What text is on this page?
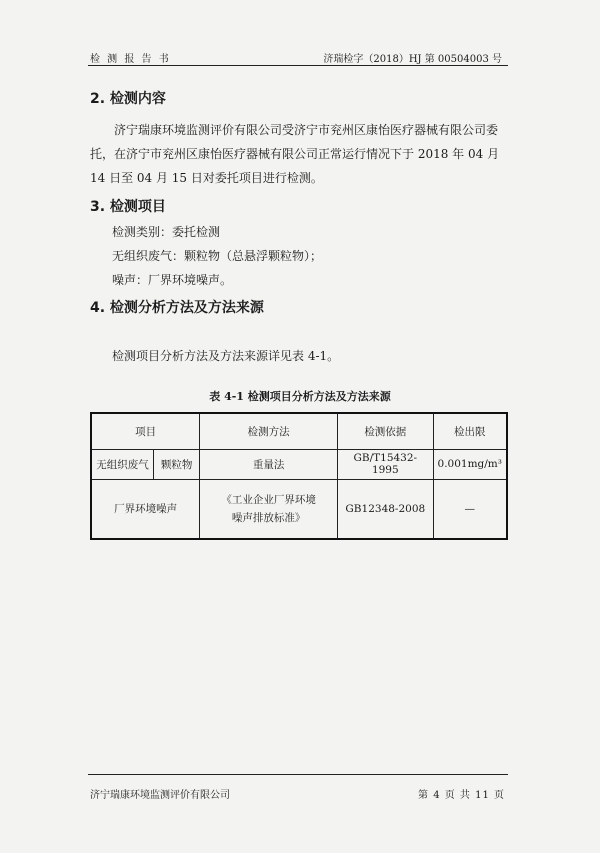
检 测 报 告 书	济瑞检字（2018）HJ 第 00504003 号
2. 检测内容

济宁瑞康环境监测评价有限公司受济宁市兖州区康怡医疗器械有限公司委托，在济宁市兖州区康怡医疗器械有限公司正常运行情况下于 2018 年 04 月 14 日至 04 月 15 日对委托项目进行检测。

3. 检测项目
检测类别：委托检测
无组织废气：颗粒物（总悬浮颗粒物）；
噪声：厂界环境噪声。
4. 检测分析方法及方法来源
检测项目分析方法及方法来源详见表 4-1。
表 4-1 检测项目分析方法及方法来源
项目		检测方法	检测依据	检出限
无组织废气	颗粒物	重量法	GB/T15432-1995	0.001mg/m³
厂界环境噪声		《工业企业厂界环境噪声排放标准》	GB12348-2008	—
济宁瑞康环境监测评价有限公司	第 4 页 共 11 页
